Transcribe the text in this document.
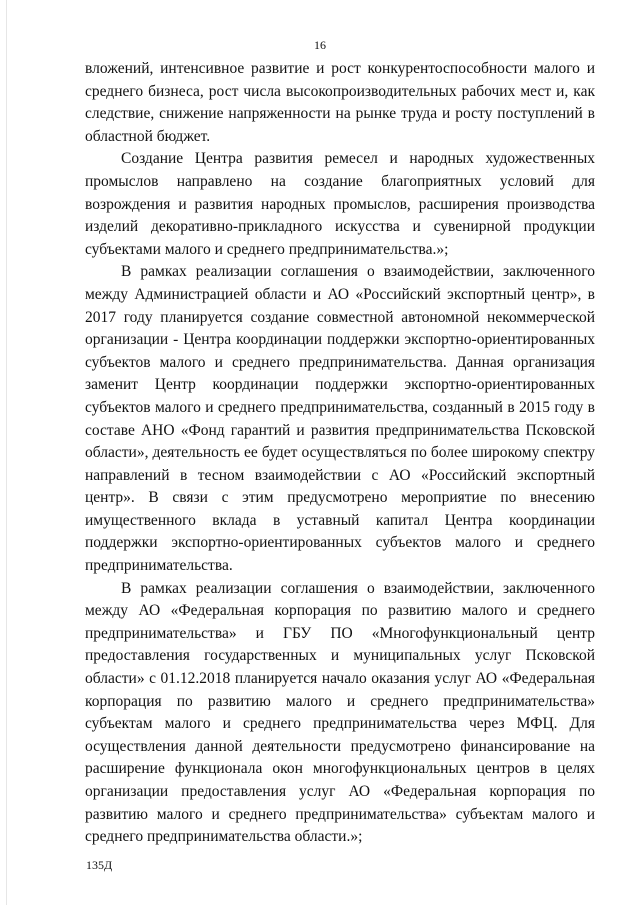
16

вложений, интенсивное развитие и рост конкурентоспособности малого и среднего бизнеса, рост числа высокопроизводительных рабочих мест и, как следствие, снижение напряженности на рынке труда и росту поступлений в областной бюджет.

Создание Центра развития ремесел и народных художественных промыслов направлено на создание благоприятных условий для возрождения и развития народных промыслов, расширения производства изделий декоративно-прикладного искусства и сувенирной продукции субъектами малого и среднего предпринимательства.»;

В рамках реализации соглашения о взаимодействии, заключенного между Администрацией области и АО «Российский экспортный центр», в 2017 году планируется создание совместной автономной некоммерческой организации - Центра координации поддержки экспортно-ориентированных субъектов малого и среднего предпринимательства. Данная организация заменит Центр координации поддержки экспортно-ориентированных субъектов малого и среднего предпринимательства, созданный в 2015 году в составе АНО «Фонд гарантий и развития предпринимательства Псковской области», деятельность ее будет осуществляться по более широкому спектру направлений в тесном взаимодействии с АО «Российский экспортный центр». В связи с этим предусмотрено мероприятие по внесению имущественного вклада в уставный капитал Центра координации поддержки экспортно-ориентированных субъектов малого и среднего предпринимательства.

В рамках реализации соглашения о взаимодействии, заключенного между АО «Федеральная корпорация по развитию малого и среднего предпринимательства» и ГБУ ПО «Многофункциональный центр предоставления государственных и муниципальных услуг Псковской области» с 01.12.2018 планируется начало оказания услуг АО «Федеральная корпорация по развитию малого и среднего предпринимательства» субъектам малого и среднего предпринимательства через МФЦ. Для осуществления данной деятельности предусмотрено финансирование на расширение функционала окон многофункциональных центров в целях организации предоставления услуг АО «Федеральная корпорация по развитию малого и среднего предпринимательства» субъектам малого и среднего предпринимательства области.»;

135Д
